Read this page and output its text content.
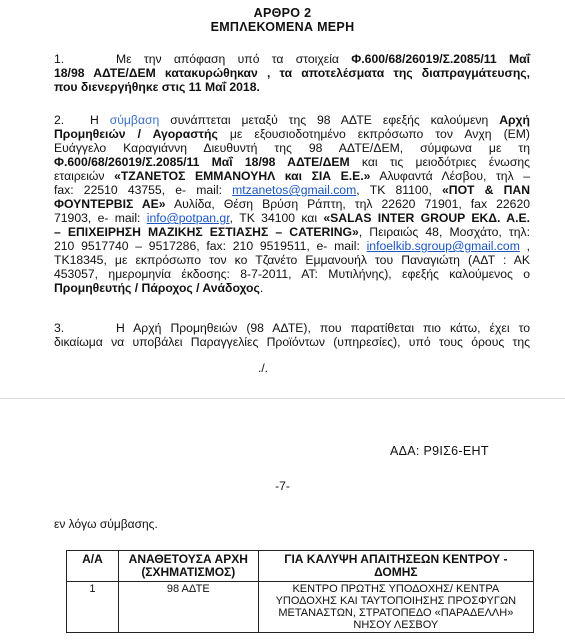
ΑΡΘΡΟ 2
ΕΜΠΛΕΚΟΜΕΝΑ ΜΕΡΗ
1.	Με την απόφαση υπό τα στοιχεία Φ.600/68/26019/Σ.2085/11 Μαΐ
18/98 ΑΔΤΕ/ΔΕΜ κατακυρώθηκαν , τα αποτελέσματα της διαπραγμάτευσης,
που διενεργήθηκε στις 11 Μαΐ 2018.
2. Η σύμβαση συνάπτεται μεταξύ της 98 ΑΔΤΕ εφεξής καλούμενη Αρχή
Προμηθειών / Αγοραστής με εξουσιοδοτημένο εκπρόσωπο τον Ανχη (ΕΜ)
Ευάγγελο Καραγιάννη Διευθυντή της 98 ΑΔΤΕ/ΔΕΜ, σύμφωνα με τη
Φ.600/68/26019/Σ.2085/11 Μαΐ 18/98 ΑΔΤΕ/ΔΕΜ και τις μειοδότριες ένωσης
εταιρειών «ΤΖΑΝΕΤΟΣ ΕΜΜΑΝΟΥΗΛ και ΣΙΑ Ε.Ε.» Αλυφαντά Λέσβου, τηλ –
fax: 22510 43755, e- mail: mtzanetos@gmail.com, ΤΚ 81100, «ΠΟΤ & ΠΑΝ
ΦΟΥΝΤΕΡΒΙΣ ΑΕ» Αυλίδα, Θέση Βρύση Ράπτη, τηλ 22620 71901, fax 22620
71903, e- mail: info@potpan.gr, ΤΚ 34100 και «SALAS INTER GROUP ΕΚΔ. Α.Ε.
– ΕΠΙΧΕΙΡΗΣΗ ΜΑΖΙΚΗΣ ΕΣΤΙΑΣΗΣ – CATERING», Πειραιώς 48, Μοσχάτο, τηλ:
210 9517740 – 9517286, fax: 210 9519511, e- mail: infoelkib.sgroup@gmail.com ,
ΤΚ18345, με εκπρόσωπο τον κο Τζανέτο Εμμανουήλ του Παναγιώτη (ΑΔΤ : ΑΚ
453057, ημερομηνία έκδοσης: 8-7-2011, ΑΤ: Μυτιλήνης), εφεξής καλούμενος ο
Προμηθευτής / Πάροχος / Ανάδοχος.
3.	Η Αρχή Προμηθειών (98 ΑΔΤΕ), που παρατίθεται πιο κάτω, έχει το
δικαίωμα να υποβάλει Παραγγελίες Προϊόντων (υπηρεσίες), υπό τους όρους της
./.
ΑΔΑ: Ρ9ΙΣ6-ΕΗΤ
-7-
εν λόγω σύμβασης.
Α/Α	ΑΝΑΘΕΤΟΥΣΑ ΑΡΧΗ (ΣΧΗΜΑΤΙΣΜΟΣ)	ΓΙΑ ΚΑΛΥΨΗ ΑΠΑΙΤΗΣΕΩΝ ΚΕΝΤΡΟΥ - ΔΟΜΗΣ
1	98 ΑΔΤΕ	ΚΕΝΤΡΟ ΠΡΩΤΗΣ ΥΠΟΔΟΧΗΣ/ ΚΕΝΤΡΑ ΥΠΟΔΟΧΗΣ ΚΑΙ ΤΑΥΤΟΠΟΙΗΣΗΣ ΠΡΟΣΦΥΓΩΝ ΜΕΤΑΝΑΣΤΩΝ, ΣΤΡΑΤΟΠΕΔΟ «ΠΑΡΑΔΕΛΛΗ» ΝΗΣΟΥ ΛΕΣΒΟΥ
